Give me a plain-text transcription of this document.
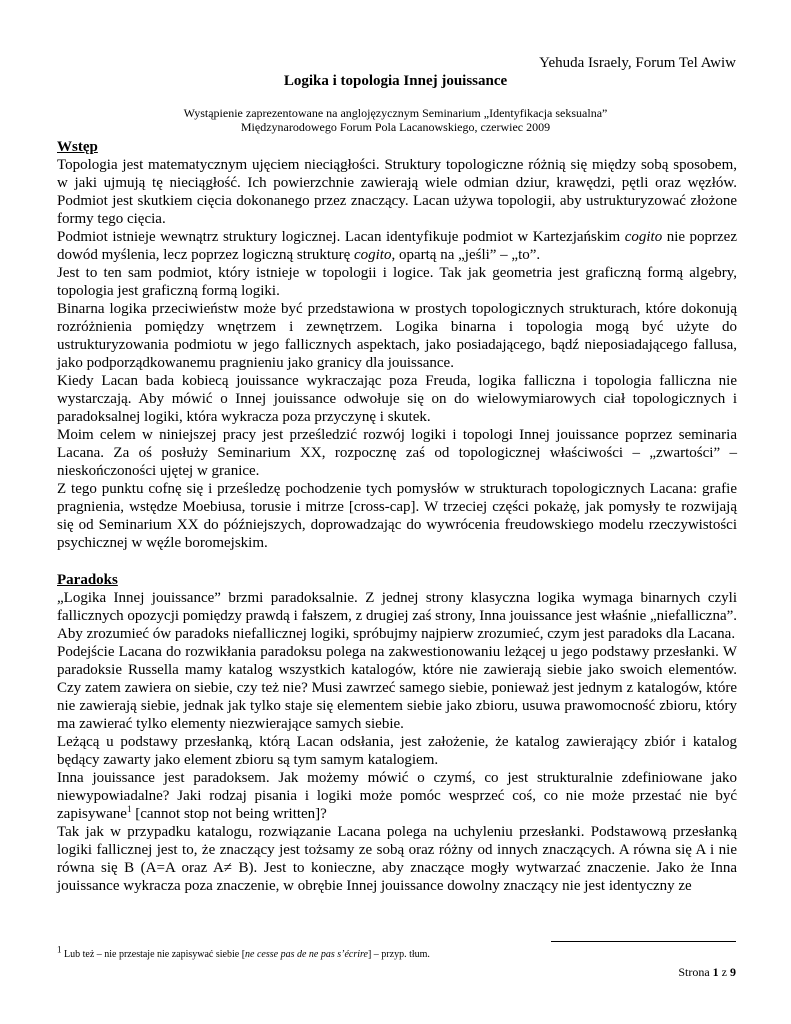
Yehuda Israely, Forum Tel Awiw
Logika i topologia Innej jouissance
Wystąpienie zaprezentowane na anglojęzycznym Seminarium „Identyfikacja seksualna”
Międzynarodowego Forum Pola Lacanowskiego, czerwiec 2009
Wstęp

Topologia jest matematycznym ujęciem nieciągłości. Struktury topologiczne różnią się między sobą sposobem, w jaki ujmują tę nieciągłość. Ich powierzchnie zawierają wiele odmian dziur, krawędzi, pętli oraz węzłów. Podmiot jest skutkiem cięcia dokonanego przez znaczący. Lacan używa topologii, aby ustrukturyzować złożone formy tego cięcia.

Podmiot istnieje wewnątrz struktury logicznej. Lacan identyfikuje podmiot w Kartezjańskim cogito nie poprzez dowód myślenia, lecz poprzez logiczną strukturę cogito, opartą na „jeśli” – „to”.

Jest to ten sam podmiot, który istnieje w topologii i logice. Tak jak geometria jest graficzną formą algebry, topologia jest graficzną formą logiki.

Binarna logika przeciwieństw może być przedstawiona w prostych topologicznych strukturach, które dokonują rozróżnienia pomiędzy wnętrzem i zewnętrzem. Logika binarna i topologia mogą być użyte do ustrukturyzowania podmiotu w jego fallicznych aspektach, jako posiadającego, bądź nieposiadającego fallusa, jako podporządkowanemu pragnieniu jako granicy dla jouissance.

Kiedy Lacan bada kobiecą jouissance wykraczając poza Freuda, logika falliczna i topologia falliczna nie wystarczają. Aby mówić o Innej jouissance odwołuje się on do wielowymiarowych ciał topologicznych i paradoksalnej logiki, która wykracza poza przyczynę i skutek.

Moim celem w niniejszej pracy jest prześledzić rozwój logiki i topologi Innej jouissance poprzez seminaria Lacana. Za oś posłuży Seminarium XX, rozpocznę zaś od topologicznej właściwości – „zwartości” – nieskończoności ujętej w granice.

Z tego punktu cofnę się i prześledzę pochodzenie tych pomysłów w strukturach topologicznych Lacana: grafie pragnienia, wstędze Moebiusa, torusie i mitrze [cross-cap]. W trzeciej części pokażę, jak pomysły te rozwijają się od Seminarium XX do późniejszych, doprowadzając do wywrócenia freudowskiego modelu rzeczywistości psychicznej w węźle boromejskim.

Paradoks

„Logika Innej jouissance” brzmi paradoksalnie. Z jednej strony klasyczna logika wymaga binarnych czyli fallicznych opozycji pomiędzy prawdą i fałszem, z drugiej zaś strony, Inna jouissance jest właśnie „niefalliczna”. Aby zrozumieć ów paradoks niefallicznej logiki, spróbujmy najpierw zrozumieć, czym jest paradoks dla Lacana.

Podejście Lacana do rozwikłania paradoksu polega na zakwestionowaniu leżącej u jego podstawy przesłanki. W paradoksie Russella mamy katalog wszystkich katalogów, które nie zawierają siebie jako swoich elementów. Czy zatem zawiera on siebie, czy też nie? Musi zawrzeć samego siebie, ponieważ jest jednym z katalogów, które nie zawierają siebie, jednak jak tylko staje się elementem siebie jako zbioru, usuwa prawomocność zbioru, który ma zawierać tylko elementy niezwierające samych siebie.

Leżącą u podstawy przesłanką, którą Lacan odsłania, jest założenie, że katalog zawierający zbiór i katalog będący zawarty jako element zbioru są tym samym katalogiem.

Inna jouissance jest paradoksem. Jak możemy mówić o czymś, co jest strukturalnie zdefiniowane jako niewypowiadalne? Jaki rodzaj pisania i logiki może pomóc wesprzeć coś, co nie może przestać nie być zapisywane$^1$ [cannot stop not being written]?

Tak jak w przypadku katalogu, rozwiązanie Lacana polega na uchyleniu przesłanki. Podstawową przesłanką logiki fallicznej jest to, że znaczący jest tożsamy ze sobą oraz różny od innych znaczących. A równa się A i nie równa się B (A=A oraz A≠ B). Jest to konieczne, aby znaczące mogły wytwarzać znaczenie. Jako że Inna jouissance wykracza poza znaczenie, w obrębie Innej jouissance dowolny znaczący nie jest identyczny ze

$^1$ Lub też – nie przestaje nie zapisywać siebie [ne cesse pas de ne pas s’écrire] – przyp. tłum.
Strona 1 z 9
